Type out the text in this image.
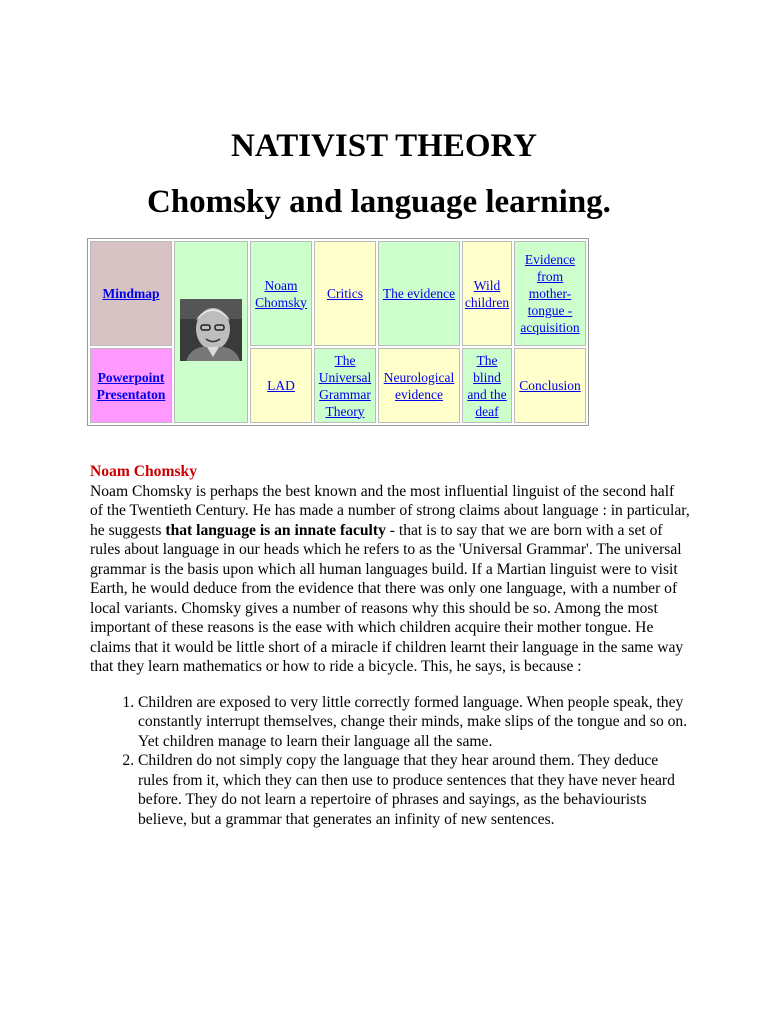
NATIVIST THEORY
Chomsky and language learning.
Mindmap		Noam Chomsky	Critics	The evidence	Wild children	Evidence from mother-tongue - acquisition
Powerpoint Presentaton		LAD	The Universal Grammar Theory	Neurological evidence	The blind and the deaf	Conclusion
Noam Chomsky

Noam Chomsky is perhaps the best known and the most influential linguist of the second half of the Twentieth Century. He has made a number of strong claims about language : in particular, he suggests that language is an innate faculty - that is to say that we are born with a set of rules about language in our heads which he refers to as the 'Universal Grammar'. The universal grammar is the basis upon which all human languages build. If a Martian linguist were to visit Earth, he would deduce from the evidence that there was only one language, with a number of local variants. Chomsky gives a number of reasons why this should be so. Among the most important of these reasons is the ease with which children acquire their mother tongue. He claims that it would be little short of a miracle if children learnt their language in the same way that they learn mathematics or how to ride a bicycle. This, he says, is because :

1. Children are exposed to very little correctly formed language. When people speak, they constantly interrupt themselves, change their minds, make slips of the tongue and so on. Yet children manage to learn their language all the same.
2. Children do not simply copy the language that they hear around them. They deduce rules from it, which they can then use to produce sentences that they have never heard before. They do not learn a repertoire of phrases and sayings, as the behaviourists believe, but a grammar that generates an infinity of new sentences.
